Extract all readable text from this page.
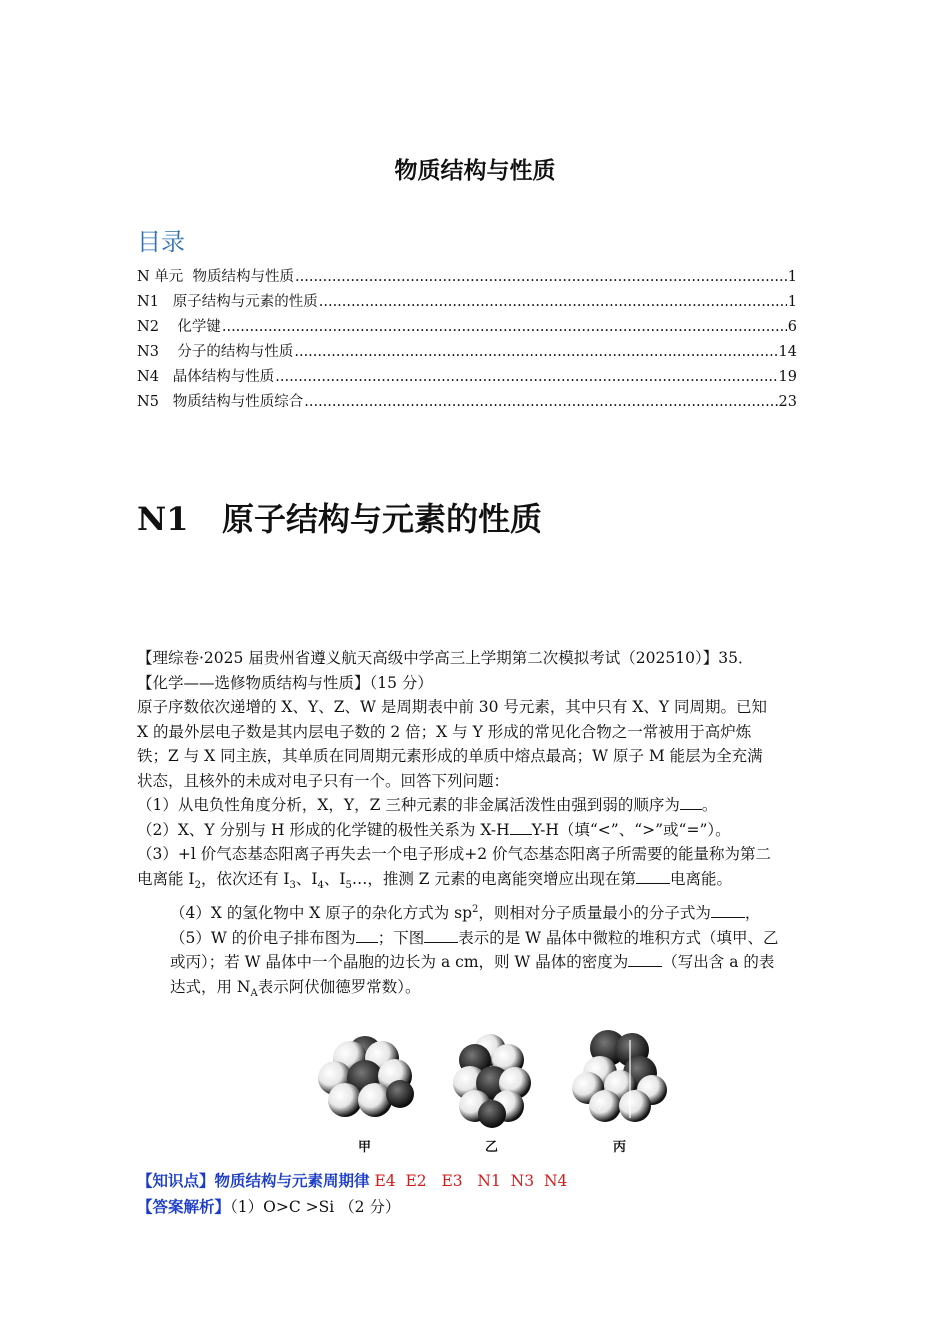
物质结构与性质
目录
N 单元  物质结构与性质 .....	1
N1   原子结构与元素的性质 .....	1
N2    化学键 .....	6
N3    分子的结构与性质 .....	14
N4   晶体结构与性质 .....	19
N5   物质结构与性质综合 .....	23
N1   原子结构与元素的性质
【理综卷·2025 届贵州省遵义航天高级中学高三上学期第二次模拟考试（202510）】35．
【化学——选修物质结构与性质】（15 分）
原子序数依次递增的 X、Y、Z、W 是周期表中前 30 号元素，其中只有 X、Y 同周期。已知
X 的最外层电子数是其内层电子数的 2 倍；X 与 Y 形成的常见化合物之一常被用于高炉炼
铁；Z 与 X 同主族，其单质在同周期元素形成的单质中熔点最高；W 原子 M 能层为全充满
状态，且核外的未成对电子只有一个。回答下列问题：
（1）从电负性角度分析，X，Y，Z 三种元素的非金属活泼性由强到弱的顺序为 。
（2）X、Y 分别与 H 形成的化学键的极性关系为 X-H Y-H（填“<”、“>”或“=”）。
（3）+l 价气态基态阳离子再失去一个电子形成+2 价气态基态阳离子所需要的能量称为第二
电离能 $I_2$，依次还有 $I_3$、$I_4$、$I_5\dots$，推测 Z 元素的电离能突增应出现在第 电离能。
（4）X 的氢化物中 X 原子的杂化方式为 $sp^2$，则相对分子质量最小的分子式为 ，
（5）W 的价电子排布图为 ；下图 表示的是 W 晶体中微粒的堆积方式（填甲、乙
或丙）；若 W 晶体中一个晶胞的边长为 a cm，则 W 晶体的密度为 （写出含 a 的表
达式，用 $N_A$表示阿伏伽德罗常数）。
甲	乙	丙
【知识点】物质结构与元素周期律 E4  E2   E3   N1  N3  N4
【答案解析】（1）O>C >Si （2 分）
